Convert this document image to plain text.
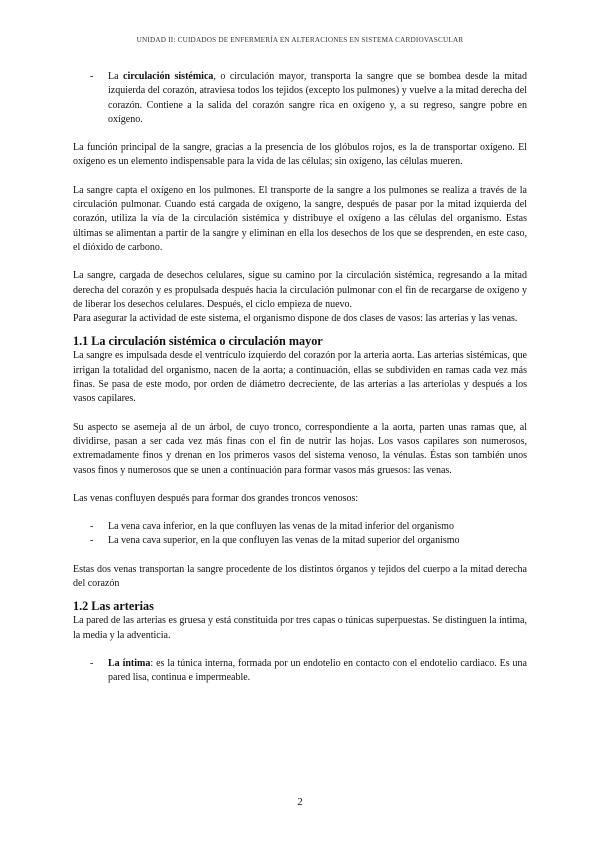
UNIDAD II: CUIDADOS DE ENFERMERÍA EN ALTERACIONES EN SISTEMA CARDIOVASCULAR
- La circulación sistémica, o circulación mayor, transporta la sangre que se bombea desde la mitad izquierda del corazón, atraviesa todos los tejidos (excepto los pulmones) y vuelve a la mitad derecha del corazón. Contiene a la salida del corazón sangre rica en oxígeno y, a su regreso, sangre pobre en oxígeno.

La función principal de la sangre, gracias a la presencia de los glóbulos rojos, es la de transportar oxígeno. El oxígeno es un elemento indispensable para la vida de las células; sin oxígeno, las células mueren.

La sangre capta el oxígeno en los pulmones. El transporte de la sangre a los pulmones se realiza a través de la circulación pulmonar. Cuando está cargada de oxígeno, la sangre, después de pasar por la mitad izquierda del corazón, utiliza la vía de la circulación sistémica y distribuye el oxígeno a las células del organismo. Estas últimas se alimentan a partir de la sangre y eliminan en ella los desechos de los que se desprenden, en este caso, el dióxido de carbono.

La sangre, cargada de desechos celulares, sigue su camino por la circulación sistémica, regresando a la mitad derecha del corazón y es propulsada después hacia la circulación pulmonar con el fin de recargarse de oxígeno y de liberar los desechos celulares. Después, el ciclo empieza de nuevo.

Para asegurar la actividad de este sistema, el organismo dispone de dos clases de vasos: las arterias y las venas.

1.1 La circulación sistémica o circulación mayor

La sangre es impulsada desde el ventrículo izquierdo del corazón por la arteria aorta. Las arterias sistémicas, que irrigan la totalidad del organismo, nacen de la aorta; a continuación, ellas se subdividen en ramas cada vez más finas. Se pasa de este modo, por orden de diámetro decreciente, de las arterias a las arteriolas y después a los vasos capilares.

Su aspecto se asemeja al de un árbol, de cuyo tronco, correspondiente a la aorta, parten unas ramas que, al dividirse, pasan a ser cada vez más finas con el fin de nutrir las hojas. Los vasos capilares son numerosos, extremadamente finos y drenan en los primeros vasos del sistema venoso, la vénulas. Éstas son también unos vasos finos y numerosos que se unen a continuación para formar vasos más gruesos: las venas.

Las venas confluyen después para formar dos grandes troncos venosos:

- La vena cava inferior, en la que confluyen las venas de la mitad inferior del organismo
- La vena cava superior, en la que confluyen las venas de la mitad superior del organismo

Estas dos venas transportan la sangre procedente de los distintos órganos y tejidos del cuerpo a la mitad derecha del corazón

1.2 Las arterias

La pared de las arterias es gruesa y está constituida por tres capas o túnicas superpuestas. Se distinguen la íntima, la media y la adventicia.

- La íntima: es la túnica interna, formada por un endotelio en contacto con el endotelio cardiaco. Es una pared lisa, continua e impermeable.
2
